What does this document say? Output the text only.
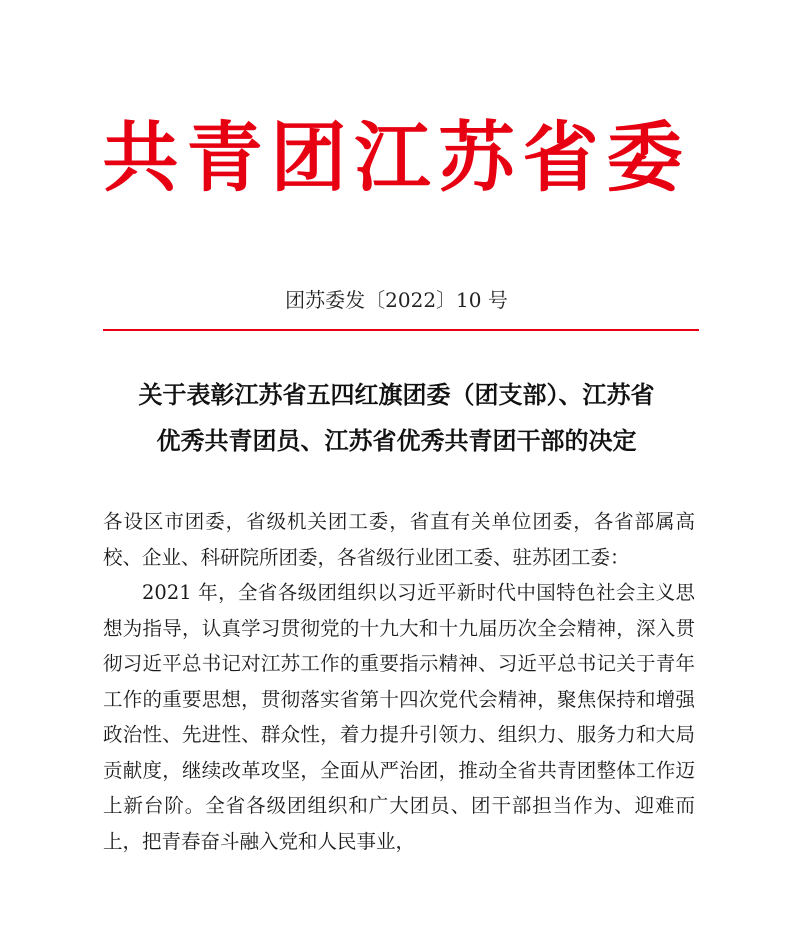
共青团江苏省委
团苏委发〔2022〕10 号
关于表彰江苏省五四红旗团委（团支部）、江苏省
优秀共青团员、江苏省优秀共青团干部的决定

各设区市团委，省级机关团工委，省直有关单位团委，各省部属高校、企业、科研院所团委，各省级行业团工委、驻苏团工委：

2021 年，全省各级团组织以习近平新时代中国特色社会主义思想为指导，认真学习贯彻党的十九大和十九届历次全会精神，深入贯彻习近平总书记对江苏工作的重要指示精神、习近平总书记关于青年工作的重要思想，贯彻落实省第十四次党代会精神，聚焦保持和增强政治性、先进性、群众性，着力提升引领力、组织力、服务力和大局贡献度，继续改革攻坚，全面从严治团，推动全省共青团整体工作迈上新台阶。全省各级团组织和广大团员、团干部担当作为、迎难而上，把青春奋斗融入党和人民事业，
